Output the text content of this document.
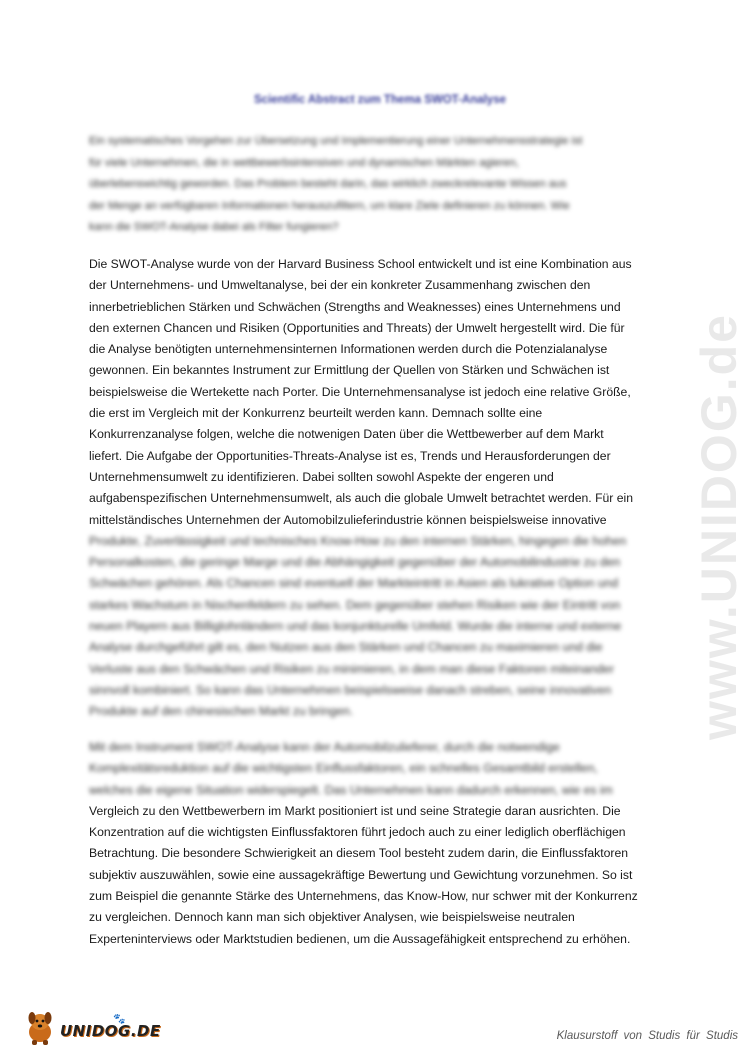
Scientific Abstract zum Thema SWOT-Analyse
Ein systematisches Vorgehen zur Übersetzung und Implementierung einer Unternehmensstrategie ist
für viele Unternehmen, die in wettbewerbsintensiven und dynamischen Märkten agieren,
überlebenswichtig geworden. Das Problem besteht darin, das wirklich zweckrelevante Wissen aus
der Menge an verfügbaren Informationen herauszufiltern, um klare Ziele definieren zu können. Wie
kann die SWOT-Analyse dabei als Filter fungieren?
Die SWOT-Analyse wurde von der Harvard Business School entwickelt und ist eine Kombination aus
der Unternehmens- und Umweltanalyse, bei der ein konkreter Zusammenhang zwischen den
innerbetrieblichen Stärken und Schwächen (Strengths and Weaknesses) eines Unternehmens und
den externen Chancen und Risiken (Opportunities and Threats) der Umwelt hergestellt wird. Die für
die Analyse benötigten unternehmensinternen Informationen werden durch die Potenzialanalyse
gewonnen. Ein bekanntes Instrument zur Ermittlung der Quellen von Stärken und Schwächen ist
beispielsweise die Wertekette nach Porter. Die Unternehmensanalyse ist jedoch eine relative Größe,
die erst im Vergleich mit der Konkurrenz beurteilt werden kann. Demnach sollte eine
Konkurrenzanalyse folgen, welche die notwenigen Daten über die Wettbewerber auf dem Markt
liefert. Die Aufgabe der Opportunities-Threats-Analyse ist es, Trends und Herausforderungen der
Unternehmensumwelt zu identifizieren. Dabei sollten sowohl Aspekte der engeren und
aufgabenspezifischen Unternehmensumwelt, als auch die globale Umwelt betrachtet werden. Für ein
mittelständisches Unternehmen der Automobilzulieferindustrie können beispielsweise innovative
Produkte, Zuverlässigkeit und technisches Know-How zu den internen Stärken, hingegen die hohen
Personalkosten, die geringe Marge und die Abhängigkeit gegenüber der Automobilindustrie zu den
Schwächen gehören. Als Chancen sind eventuell der Markteintritt in Asien als lukrative Option und
starkes Wachstum in Nischenfeldern zu sehen. Dem gegenüber stehen Risiken wie der Eintritt von
neuen Playern aus Billiglohnländern und das konjunkturelle Umfeld. Wurde die interne und externe
Analyse durchgeführt gilt es, den Nutzen aus den Stärken und Chancen zu maximieren und die
Verluste aus den Schwächen und Risiken zu minimieren, in dem man diese Faktoren miteinander
sinnvoll kombiniert. So kann das Unternehmen beispielsweise danach streben, seine innovativen
Produkte auf den chinesischen Markt zu bringen.
Mit dem Instrument SWOT-Analyse kann der Automobilzulieferer, durch die notwendige
Komplexitätsreduktion auf die wichtigsten Einflussfaktoren, ein schnelles Gesamtbild erstellen,
welches die eigene Situation widerspiegelt. Das Unternehmen kann dadurch erkennen, wie es im
Vergleich zu den Wettbewerbern im Markt positioniert ist und seine Strategie daran ausrichten. Die
Konzentration auf die wichtigsten Einflussfaktoren führt jedoch auch zu einer lediglich oberflächigen
Betrachtung. Die besondere Schwierigkeit an diesem Tool besteht zudem darin, die Einflussfaktoren
subjektiv auszuwählen, sowie eine aussagekräftige Bewertung und Gewichtung vorzunehmen. So ist
zum Beispiel die genannte Stärke des Unternehmens, das Know-How, nur schwer mit der Konkurrenz
zu vergleichen. Dennoch kann man sich objektiver Analysen, wie beispielsweise neutralen
Experteninterviews oder Marktstudien bedienen, um die Aussagefähigkeit entsprechend zu erhöhen.
www.UNIDOG.de
UNIDOG.DE
🐾
Klausurstoff von Studis für Studis
